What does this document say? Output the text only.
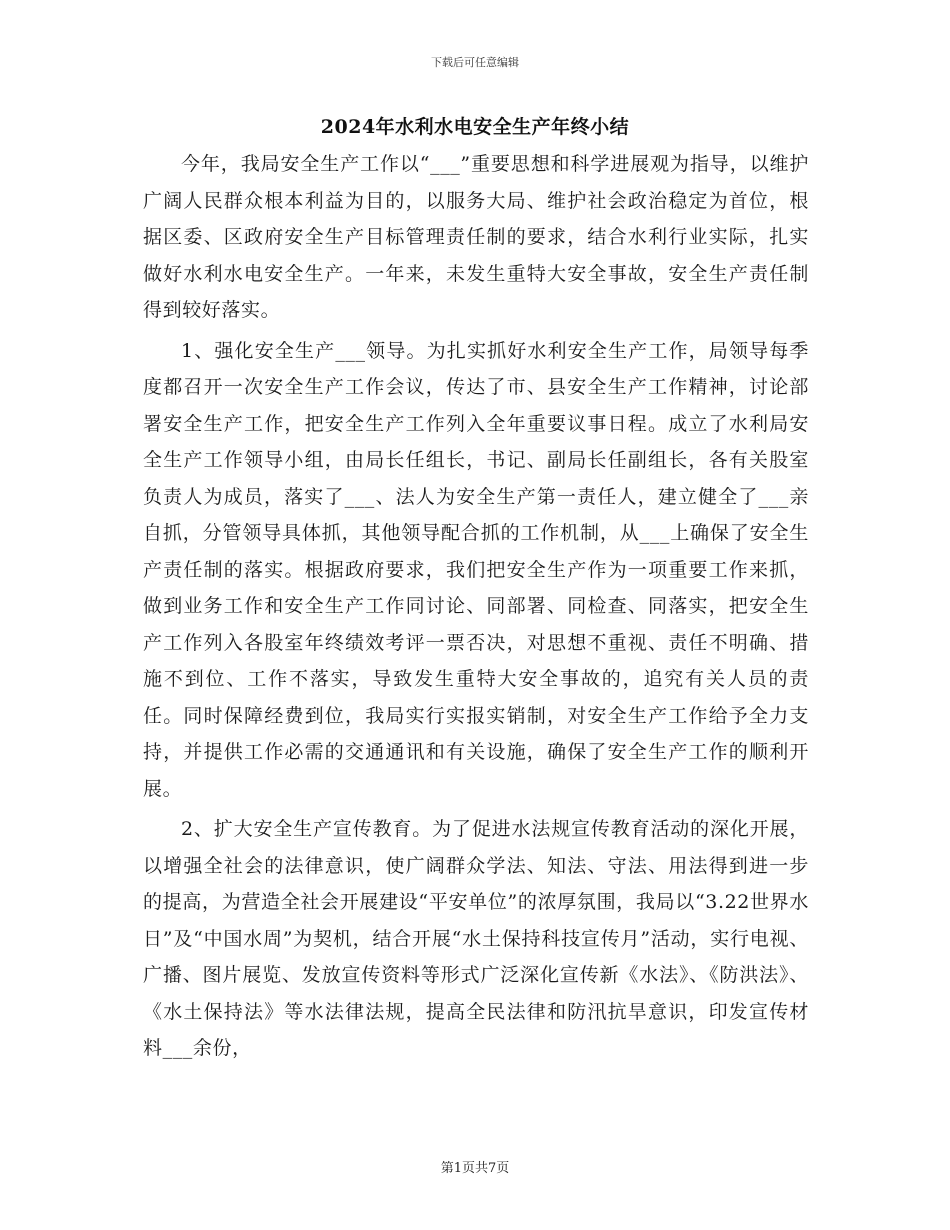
下载后可任意编辑
2024年水利水电安全生产年终小结

今年，我局安全生产工作以“___”重要思想和科学进展观为指导，以维护广阔人民群众根本利益为目的，以服务大局、维护社会政治稳定为首位，根据区委、区政府安全生产目标管理责任制的要求，结合水利行业实际，扎实做好水利水电安全生产。一年来，未发生重特大安全事故，安全生产责任制得到较好落实。

1、强化安全生产___领导。为扎实抓好水利安全生产工作，局领导每季度都召开一次安全生产工作会议，传达了市、县安全生产工作精神，讨论部署安全生产工作，把安全生产工作列入全年重要议事日程。成立了水利局安全生产工作领导小组，由局长任组长，书记、副局长任副组长，各有关股室负责人为成员，落实了___、法人为安全生产第一责任人，建立健全了___亲自抓，分管领导具体抓，其他领导配合抓的工作机制，从___上确保了安全生产责任制的落实。根据政府要求，我们把安全生产作为一项重要工作来抓，做到业务工作和安全生产工作同讨论、同部署、同检查、同落实，把安全生产工作列入各股室年终绩效考评一票否决，对思想不重视、责任不明确、措施不到位、工作不落实，导致发生重特大安全事故的，追究有关人员的责任。同时保障经费到位，我局实行实报实销制，对安全生产工作给予全力支持，并提供工作必需的交通通讯和有关设施，确保了安全生产工作的顺利开展。

2、扩大安全生产宣传教育。为了促进水法规宣传教育活动的深化开展，以增强全社会的法律意识，使广阔群众学法、知法、守法、用法得到进一步的提高，为营造全社会开展建设“平安单位”的浓厚氛围，我局以“3.22世界水日”及“中国水周”为契机，结合开展“水土保持科技宣传月”活动，实行电视、广播、图片展览、发放宣传资料等形式广泛深化宣传新《水法》、《防洪法》、《水土保持法》等水法律法规，提高全民法律和防汛抗旱意识，印发宣传材料___余份，

第1页共7页
